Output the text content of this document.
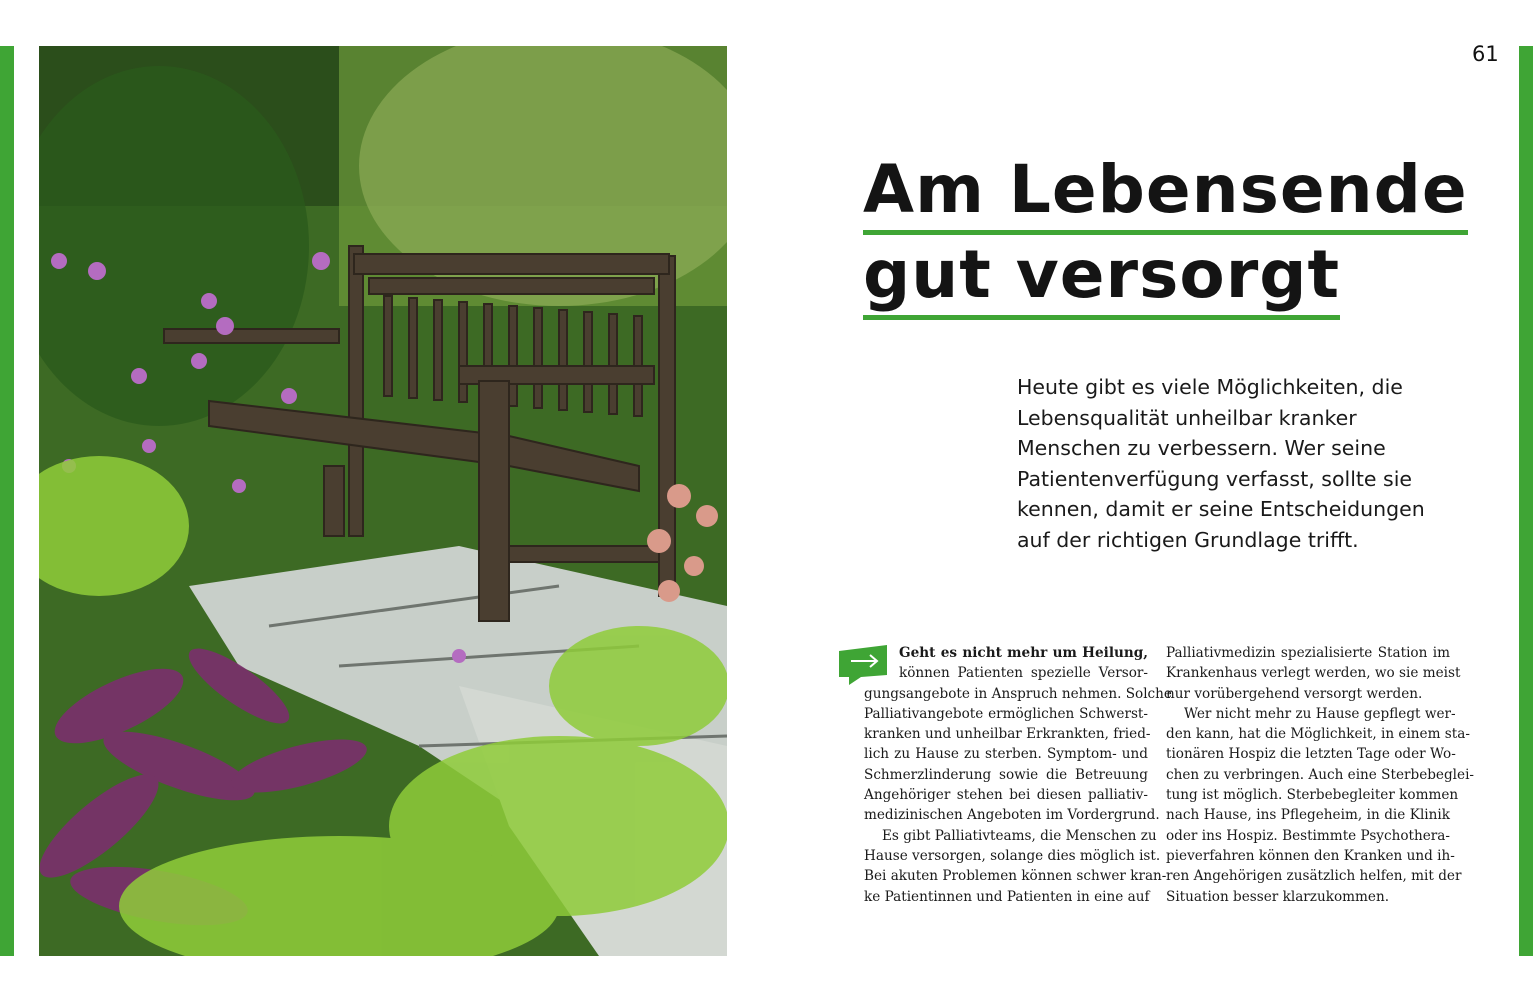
61
Am Lebensende
gut versorgt

Heute gibt es viele Möglichkeiten, die

Lebensqualität unheilbar kranker

Menschen zu verbessern. Wer seine

Patientenverfügung verfasst, sollte sie

kennen, damit er seine Entscheidungen

auf der richtigen Grundlage trifft.

Geht es nicht mehr um Heilung,

können Patienten spezielle Versor-

gungsangebote in Anspruch nehmen. Solche

Palliativangebote ermöglichen Schwerst-

kranken und unheilbar Erkrankten, fried-

lich zu Hause zu sterben. Symptom- und

Schmerzlinderung sowie die Betreuung

Angehöriger stehen bei diesen palliativ-

medizinischen Angeboten im Vordergrund.

Es gibt Palliativteams, die Menschen zu

Hause versorgen, solange dies möglich ist.

Bei akuten Problemen können schwer kran-

ke Patientinnen und Patienten in eine auf

Palliativmedizin spezialisierte Station im

Krankenhaus verlegt werden, wo sie meist

nur vorübergehend versorgt werden.

Wer nicht mehr zu Hause gepflegt wer-

den kann, hat die Möglichkeit, in einem sta-

tionären Hospiz die letzten Tage oder Wo-

chen zu verbringen. Auch eine Sterbebeglei-

tung ist möglich. Sterbebegleiter kommen

nach Hause, ins Pflegeheim, in die Klinik

oder ins Hospiz. Bestimmte Psychothera-

pieverfahren können den Kranken und ih-

ren Angehörigen zusätzlich helfen, mit der

Situation besser klarzukommen.
